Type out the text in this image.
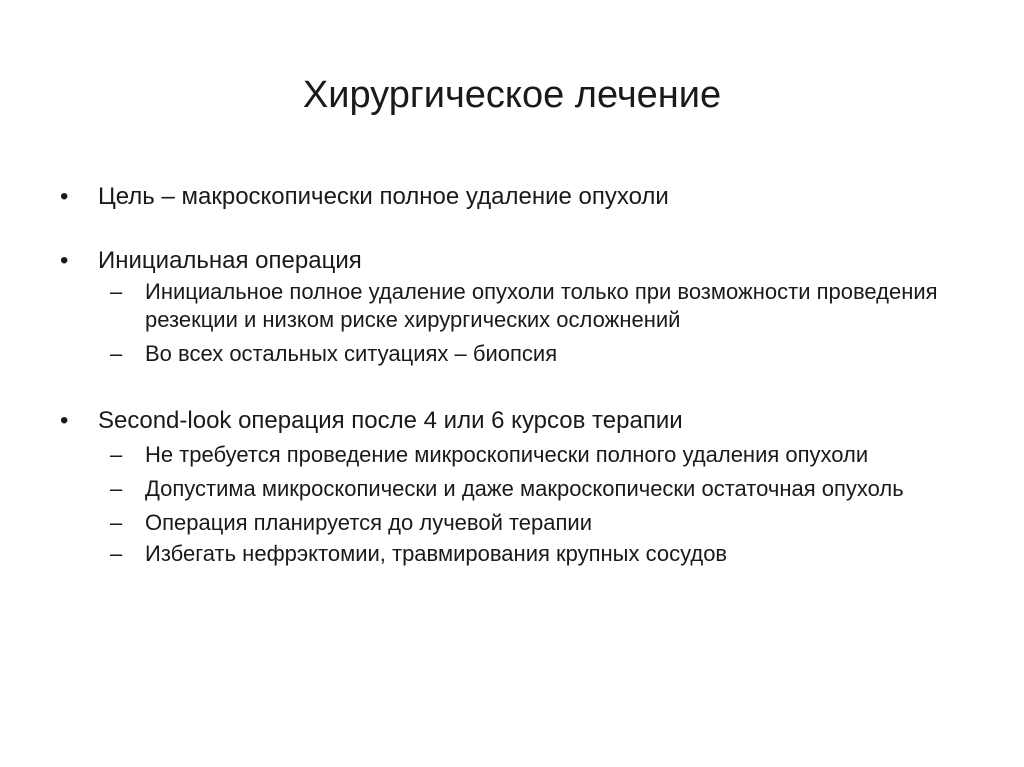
Хирургическое лечение
• Цель – макроскопически полное удаление опухоли
• Инициальная операция
– Инициальное полное удаление опухоли только при возможности проведения резекции и низком риске хирургических осложнений
– Во всех остальных ситуациях – биопсия
• Second-look операция после 4 или 6 курсов терапии
– Не требуется проведение микроскопически полного удаления опухоли
– Допустима микроскопически и даже макроскопически остаточная опухоль
– Операция планируется до лучевой терапии
– Избегать нефрэктомии, травмирования крупных сосудов
